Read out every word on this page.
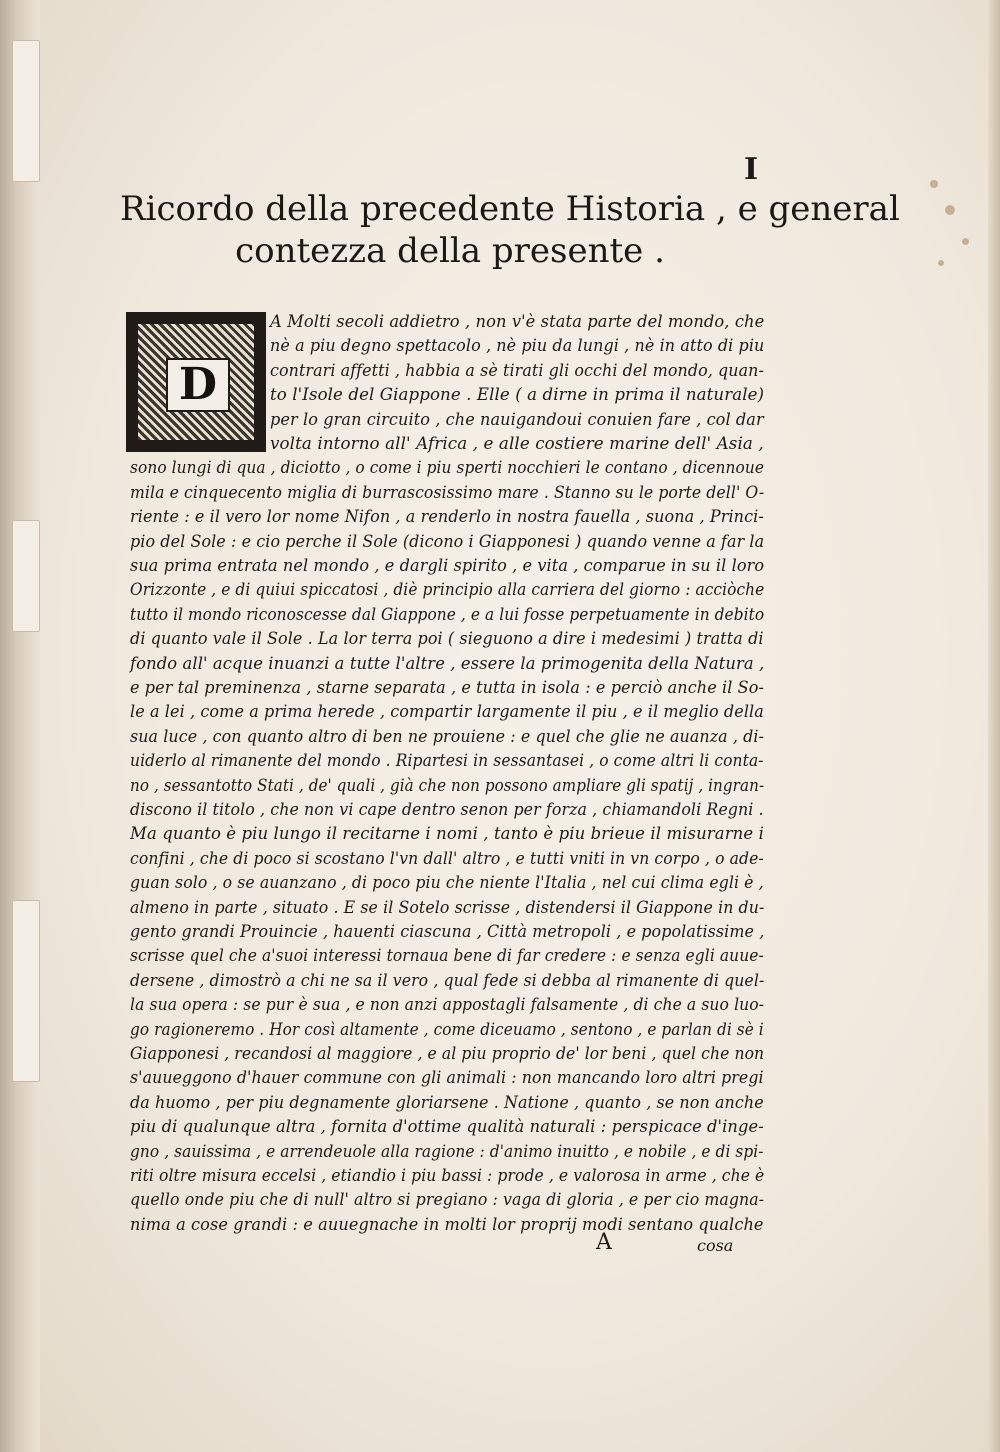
I
Ricordo della precedente Historia , e general
contezza della presente .
D
A Molti secoli addietro , non v'è stata parte del mondo, che
nè a piu degno spettacolo , nè piu da lungi , nè in atto di piu
contrari affetti , habbia a sè tirati gli occhi del mondo, quan-
to l'Isole del Giappone . Elle ( a dirne in prima il naturale)
per lo gran circuito , che nauigandoui conuien fare , col dar
volta intorno all' Africa , e alle costiere marine dell' Asia ,
sono lungi di qua , diciotto , o come i piu sperti nocchieri le contano , dicennoue
mila e cinquecento miglia di burrascosissimo mare . Stanno su le porte dell' O-
riente : e il vero lor nome Nifon , a renderlo in nostra fauella , suona , Princi-
pio del Sole : e cio perche il Sole (dicono i Giapponesi ) quando venne a far la
sua prima entrata nel mondo , e dargli spirito , e vita , comparue in su il loro
Orizzonte , e di quiui spiccatosi , diè principio alla carriera del giorno : acciòche
tutto il mondo riconoscesse dal Giappone , e a lui fosse perpetuamente in debito
di quanto vale il Sole . La lor terra poi ( sieguono a dire i medesimi ) tratta di
fondo all' acque inuanzi a tutte l'altre , essere la primogenita della Natura ,
e per tal preminenza , starne separata , e tutta in isola : e perciò anche il So-
le a lei , come a prima herede , compartir largamente il piu , e il meglio della
sua luce , con quanto altro di ben ne prouiene : e quel che glie ne auanza , di-
uiderlo al rimanente del mondo . Ripartesi in sessantasei , o come altri li conta-
no , sessantotto Stati , de' quali , già che non possono ampliare gli spatij , ingran-
discono il titolo , che non vi cape dentro senon per forza , chiamandoli Regni .
Ma quanto è piu lungo il recitarne i nomi , tanto è piu brieue il misurarne i
confini , che di poco si scostano l'vn dall' altro , e tutti vniti in vn corpo , o ade-
guan solo , o se auanzano , di poco piu che niente l'Italia , nel cui clima egli è ,
almeno in parte , situato . E se il Sotelo scrisse , distendersi il Giappone in du-
gento grandi Prouincie , hauenti ciascuna , Città metropoli , e popolatissime ,
scrisse quel che a'suoi interessi tornaua bene di far credere : e senza egli auue-
dersene , dimostrò a chi ne sa il vero , qual fede si debba al rimanente di quel-
la sua opera : se pur è sua , e non anzi appostagli falsamente , di che a suo luo-
go ragioneremo . Hor così altamente , come diceuamo , sentono , e parlan di sè i
Giapponesi , recandosi al maggiore , e al piu proprio de' lor beni , quel che non
s'auueggono d'hauer commune con gli animali : non mancando loro altri pregi
da huomo , per piu degnamente gloriarsene . Natione , quanto , se non anche
piu di qualunque altra , fornita d'ottime qualità naturali : perspicace d'inge-
gno , sauissima , e arrendeuole alla ragione : d'animo inuitto , e nobile , e di spi-
riti oltre misura eccelsi , etiandio i piu bassi : prode , e valorosa in arme , che è
quello onde piu che di null' altro si pregiano : vaga di gloria , e per cio magna-
nima a cose grandi : e auuegnache in molti lor proprij modi sentano qualche
A	cosa
